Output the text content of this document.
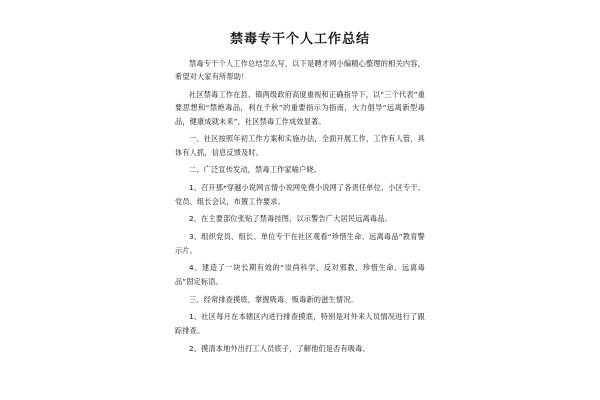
禁毒专干个人工作总结

禁毒专干个人工作总结怎么写，以下是聘才网小编精心整理的相关内容，希望对大家有所帮助！

社区禁毒工作在县、镇两级政府高度重视和正确指导下，以“三个代表”重要思想和“禁绝毒品，利在千秋”的重要指示为指南，大力倡导“远离新型毒品，健康成就未来”，社区禁毒工作成效显著。

一、社区按照年初工作方案和实施办法，全面开展工作，工作有人管，具体有人抓，信息反馈及时。

二、广泛宣传发动，禁毒工作家喻户晓。

1、召开那*穿越小说网言情小说网免费小说网了各责任单位、小区专干、党员、组长会议，布置工作要求。

2、在主要部位张贴了禁毒挂图，以示警告广大居民远离毒品。

3、组织党员、组长、单位专干在社区观看“珍惜生命、远离毒品”教育警示片。

4、建造了一块长期有效的“崇尚科学、反对邪教、珍惜生命、远离毒品”固定标语。

三、经常排查摸底，掌握吸毒、贩毒新的滋生情况。

1、社区每月在本辖区内进行排查摸底，特别是对外来人员情况进行了跟踪排查。

2、摸清本地外出打工人员底子，了解他们是否有吸毒。
